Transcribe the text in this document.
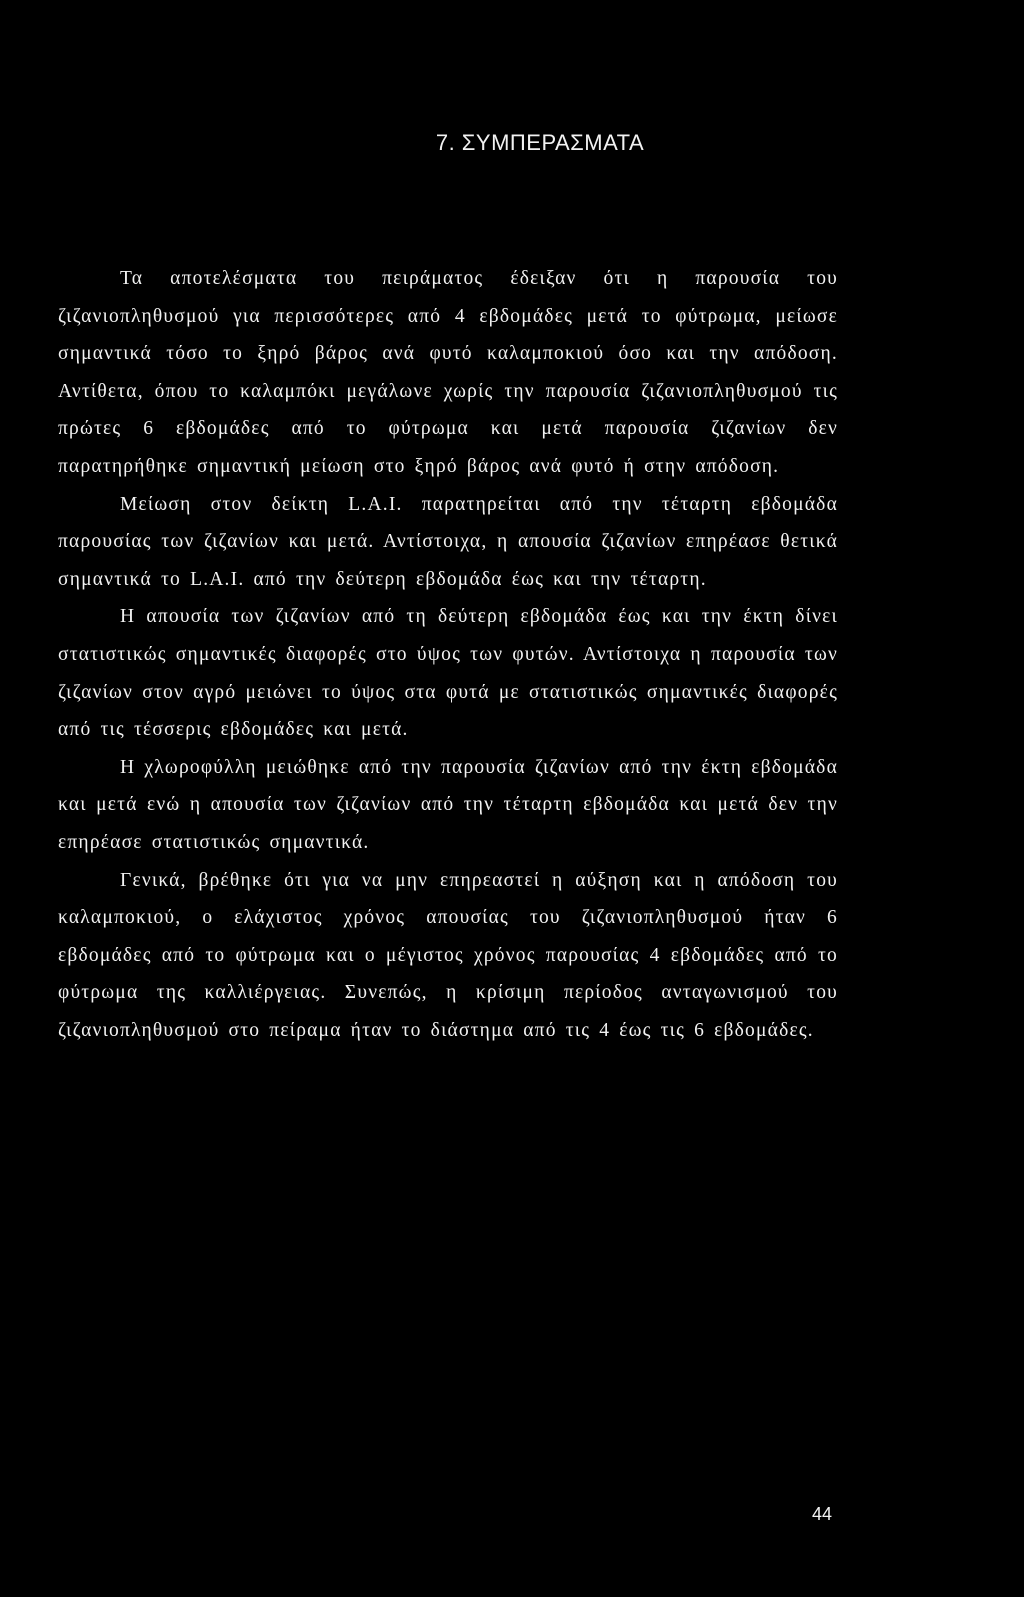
7. ΣΥΜΠΕΡΑΣΜΑΤΑ

Τα αποτελέσματα του πειράματος έδειξαν ότι η παρουσία του ζιζανιοπληθυσμού για περισσότερες από 4 εβδομάδες μετά το φύτρωμα, μείωσε σημαντικά τόσο το ξηρό βάρος ανά φυτό καλαμποκιού όσο και την απόδοση. Αντίθετα, όπου το καλαμπόκι μεγάλωνε χωρίς την παρουσία ζιζανιοπληθυσμού τις πρώτες 6 εβδομάδες από το φύτρωμα και μετά παρουσία ζιζανίων δεν παρατηρήθηκε σημαντική μείωση στο ξηρό βάρος ανά φυτό ή στην απόδοση.

Μείωση στον δείκτη L.A.I. παρατηρείται από την τέταρτη εβδομάδα παρουσίας των ζιζανίων και μετά. Αντίστοιχα, η απουσία ζιζανίων επηρέασε θετικά σημαντικά το L.A.I. από την δεύτερη εβδομάδα έως και την τέταρτη.

Η απουσία των ζιζανίων από τη δεύτερη εβδομάδα έως και την έκτη δίνει στατιστικώς σημαντικές διαφορές στο ύψος των φυτών. Αντίστοιχα η παρουσία των ζιζανίων στον αγρό μειώνει το ύψος στα φυτά με στατιστικώς σημαντικές διαφορές από τις τέσσερις εβδομάδες και μετά.

Η χλωροφύλλη μειώθηκε από την παρουσία ζιζανίων από την έκτη εβδομάδα και μετά ενώ η απουσία των ζιζανίων από την τέταρτη εβδομάδα και μετά δεν την επηρέασε στατιστικώς σημαντικά.

Γενικά, βρέθηκε ότι για να μην επηρεαστεί η αύξηση και η απόδοση του καλαμποκιού, ο ελάχιστος χρόνος απουσίας του ζιζανιοπληθυσμού ήταν 6 εβδομάδες από το φύτρωμα και ο μέγιστος χρόνος παρουσίας 4 εβδομάδες από το φύτρωμα της καλλιέργειας. Συνεπώς, η κρίσιμη περίοδος ανταγωνισμού του ζιζανιοπληθυσμού στο πείραμα ήταν το διάστημα από τις 4 έως τις 6 εβδομάδες.

44
